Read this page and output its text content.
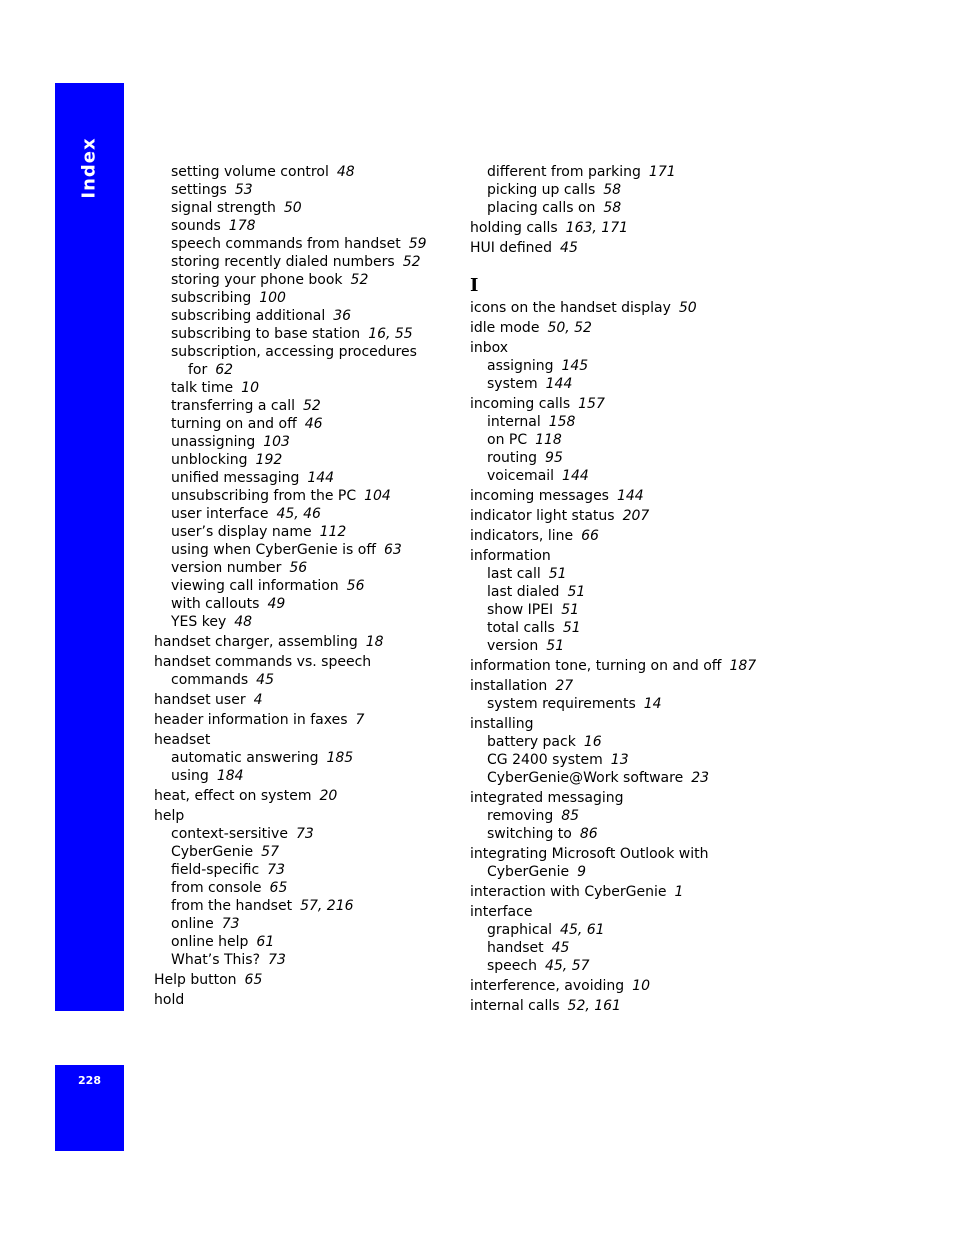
Index
228
setting volume control 48
settings 53
signal strength 50
sounds 178
speech commands from handset 59
storing recently dialed numbers 52
storing your phone book 52
subscribing 100
subscribing additional 36
subscribing to base station 16, 55
subscription, accessing procedures for 62
talk time 10
transferring a call 52
turning on and off 46
unassigning 103
unblocking 192
unified messaging 144
unsubscribing from the PC 104
user interface 45, 46
user’s display name 112
using when CyberGenie is off 63
version number 56
viewing call information 56
with callouts 49
YES key 48
handset charger, assembling 18
handset commands vs. speech commands 45
handset user 4
header information in faxes 7
headset
automatic answering 185
using 184
heat, effect on system 20
help
context-sersitive 73
CyberGenie 57
field-specific 73
from console 65
from the handset 57, 216
online 73
online help 61
What’s This? 73
Help button 65
hold
different from parking 171
picking up calls 58
placing calls on 58
holding calls 163, 171
HUI defined 45
I
icons on the handset display 50
idle mode 50, 52
inbox
assigning 145
system 144
incoming calls 157
internal 158
on PC 118
routing 95
voicemail 144
incoming messages 144
indicator light status 207
indicators, line 66
information
last call 51
last dialed 51
show IPEI 51
total calls 51
version 51
information tone, turning on and off 187
installation 27
system requirements 14
installing
battery pack 16
CG 2400 system 13
CyberGenie@Work software 23
integrated messaging
removing 85
switching to 86
integrating Microsoft Outlook with CyberGenie 9
interaction with CyberGenie 1
interface
graphical 45, 61
handset 45
speech 45, 57
interference, avoiding 10
internal calls 52, 161
